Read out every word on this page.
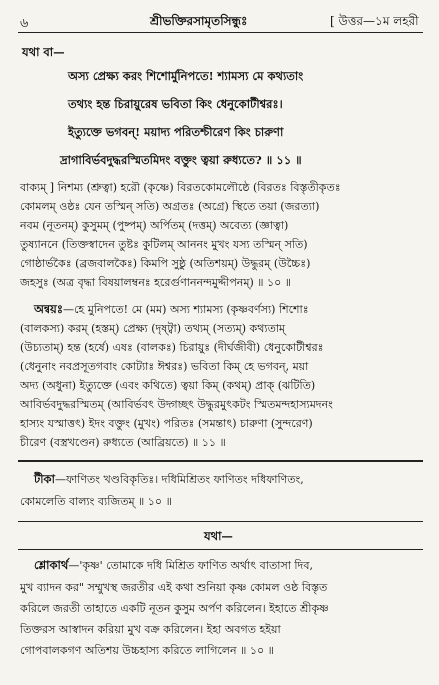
৬	শ্রীভক্তিরসামৃতসিন্ধুঃ	[ উত্তর—১ম লহরী
যথা বা—
অস্য প্রেক্ষ্য করং শিশোর্মুনিপতে! শ্যামস্য মে কথ্যতাং
তথ্যং হন্ত চিরায়ুরেষ ভবিতা কিং ধেনুকোটীশ্বরঃ।
ইত্যুক্তে ভগবন্! ময়াদ্য পরিতশ্চীরেণ কিং চারুণা
দ্রাগাবির্ভবদুদ্ধরস্মিতমিদং বক্তুং ত্বয়া রুধ্যতে? ॥ ১১ ॥
বাক্যম্ ] নিশম্য (শ্রুত্বা) হরৌ (কৃষ্ণে) বিরতকোমলৌষ্ঠে (বিরতঃ বিস্তৃতীকৃতঃ
কোমলম্ ওষ্ঠঃ যেন তস্মিন্ সতি) অগ্রতঃ (অগ্রে) স্থিতে তয়া (জরত্যা)
নবম (নূতনম্) কুসুমম্ (পুষ্পম্) অর্পিতম্ (দত্তম্) অবেত্য (জ্ঞাত্বা)
তুষ্যাননে (তিক্তস্বাদেন তুষ্টঃ কুটিলম্ আননং মুখং যস্য তস্মিন্ সতি)
গোষ্ঠার্ভকৈঃ (ব্রজবালকৈঃ) কিমপি সুষ্ঠু (অতিশয়ম্) উদ্ধুরম্ (উচ্চৈঃ)
জহসুঃ (অত্র বৃদ্ধা বিষয়ালম্বনঃ হরের্গুণাননন্দমুদ্দীপনম্) ॥ ১০ ॥
অন্বয়ঃ—হে মুনিপতে! মে (মম) অস্য শ্যামস্য (কৃষ্ণবর্ণস্য) শিশোঃ
(বালকস্য) করম্ (হস্তম্) প্রেক্ষ্য (দৃষ্ট্বা) তথ্যম্ (সত্যম্) কথ্যতাম্
(উচ্যতাম্) হন্ত (হর্ষে) এষঃ (বালকঃ) চিরায়ুঃ (দীর্ঘজীবী) ধেনুকোটীশ্বরঃ
(ধেনুনাং নবপ্রসূতগবাং কোট্যাঃ ঈশ্বরঃ) ভবিতা কিম্ হে ভগবন্, ময়া
অদ্য (অধুনা) ইত্যুক্তে (এবং কথিতে) ত্বয়া কিম্ (কথম্) প্রাক্ (ঝটিতি)
আবির্ভবদুদ্ধরস্মিতম্ (আবির্ভবৎ উদ্গচ্ছৎ উদ্ধুরমুৎকটং স্মিতমন্দহাস্যমদনং
হাস্যং যস্মাত্তৎ) ইদং বক্তুং (মুখং) পরিতঃ (সমন্তাৎ) চারুণা (সুন্দরেণ)
চীরেণ (বস্ত্রখণ্ডেন) রুধ্যতে (আব্রিয়তে) ॥ ১১ ॥
টীকা—ফাণিতং খণ্ডবিকৃতিঃ। দধিমিশ্রিতং ফাণিতং দধিফাণিতং,
কোমলেতি বাল্যং ব্যজিতম্ ॥ ১০ ॥
যথা—
শ্লোকার্থ—'কৃষ্ণ' তোমাকে দধি মিশ্রিত ফাণিত অর্থাৎ বাতাসা দিব,
মুখ ব্যাদন কর" সম্মুখস্থ জরতীর এই কথা শুনিয়া কৃষ্ণ কোমল ওষ্ঠ বিস্তৃত
করিলে জরতী তাহাতে একটি নূতন কুসুম অর্পণ করিলেন। ইহাতে শ্রীকৃষ্ণ
তিক্তরস আস্বাদন করিয়া মুখ বক্র করিলেন। ইহা অবগত হইয়া
গোপবালকগণ অতিশয় উচ্চহাস্য করিতে লাগিলেন ॥ ১০ ॥
